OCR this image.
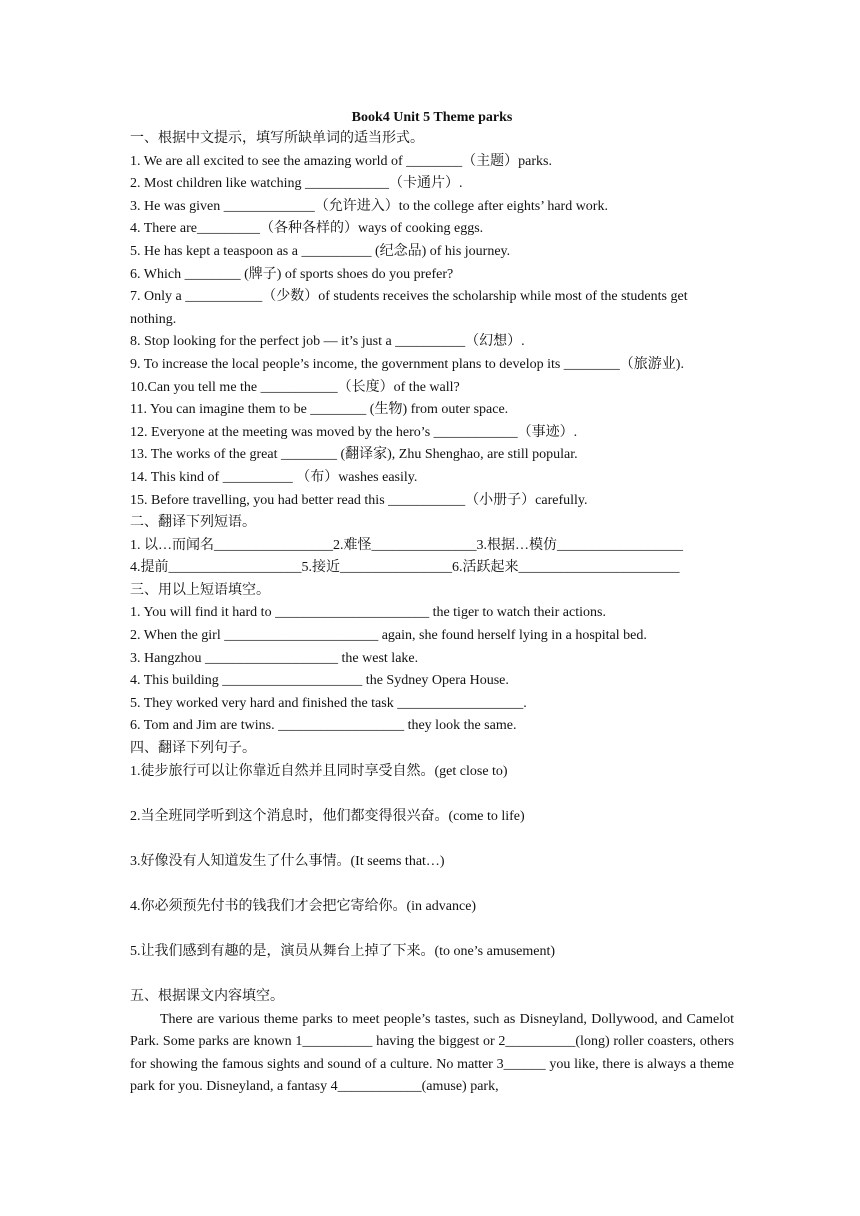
Book4 Unit 5 Theme parks
一、根据中文提示，填写所缺单词的适当形式。
1. We are all excited to see the amazing world of ________（主题）parks.
2. Most children like watching ____________（卡通片）.
3. He was given _____________（允许进入）to the college after eights’ hard work.
4. There are_________（各种各样的）ways of cooking eggs.
5. He has kept a teaspoon as a __________ (纪念品) of his journey.
6. Which ________ (牌子) of sports shoes do you prefer?
7. Only a ___________（少数）of students receives the scholarship while most of the students get nothing.
8. Stop looking for the perfect job — it’s just a __________（幻想）.
9. To increase the local people’s income, the government plans to develop its ________（旅游业).
10.Can you tell me the ___________（长度）of the wall?
11. You can imagine them to be ________ (生物) from outer space.
12. Everyone at the meeting was moved by the hero’s ____________（事迹）.
13. The works of the great ________ (翻译家), Zhu Shenghao, are still popular.
14. This kind of __________ （布）washes easily.
15. Before travelling, you had better read this ___________（小册子）carefully.
二、翻译下列短语。
1. 以…而闻名_________________2.难怪_______________3.根据…模仿__________________
4.提前___________________5.接近________________6.活跃起来_______________________
三、用以上短语填空。
1. You will find it hard to ______________________ the tiger to watch their actions.
2. When the girl ______________________ again, she found herself lying in a hospital bed.
3. Hangzhou ___________________ the west lake.
4. This building ____________________ the Sydney Opera House.
5. They worked very hard and finished the task __________________.
6. Tom and Jim are twins. __________________ they look the same.
四、翻译下列句子。
1.徒步旅行可以让你靠近自然并且同时享受自然。(get close to)
2.当全班同学听到这个消息时，他们都变得很兴奋。(come to life)
3.好像没有人知道发生了什么事情。(It seems that…)
4.你必须预先付书的钱我们才会把它寄给你。(in advance)
5.让我们感到有趣的是，演员从舞台上掉了下来。(to one’s amusement)
五、根据课文内容填空。
There are various theme parks to meet people’s tastes, such as Disneyland, Dollywood, and Camelot Park. Some parks are known 1__________ having the biggest or 2__________(long) roller coasters, others for showing the famous sights and sound of a culture. No matter 3______ you like, there is always a theme park for you. Disneyland, a fantasy 4____________(amuse) park,
